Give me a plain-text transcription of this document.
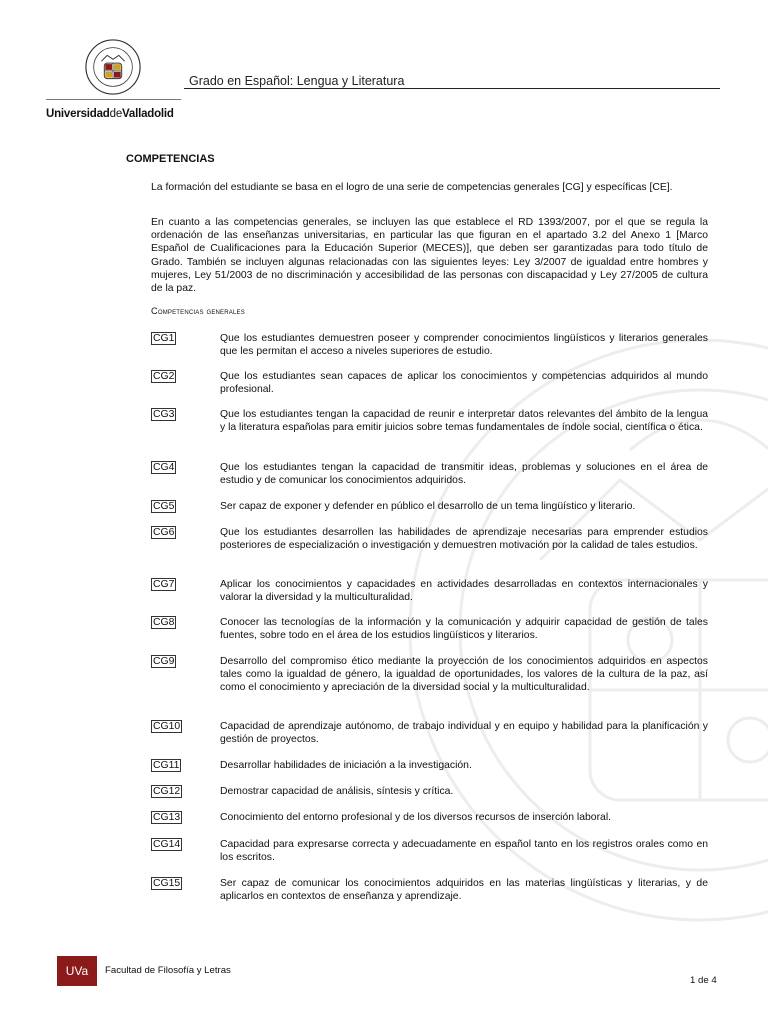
Grado en Español: Lengua y Literatura
UniversidaddeValladolid
COMPETENCIAS
La formación del estudiante se basa en el logro de una serie de competencias generales [CG] y específicas [CE].
En cuanto a las competencias generales, se incluyen las que establece el RD 1393/2007, por el que se regula la ordenación de las enseñanzas universitarias, en particular las que figuran en el apartado 3.2 del Anexo 1 [Marco Español de Cualificaciones para la Educación Superior (MECES)], que deben ser garantizadas para todo título de Grado. También se incluyen algunas relacionadas con las siguientes leyes: Ley 3/2007 de igualdad entre hombres y mujeres, Ley 51/2003 de no discriminación y accesibilidad de las personas con discapacidad y Ley 27/2005 de cultura de la paz.
Competencias generales
CG1	Que los estudiantes demuestren poseer y comprender conocimientos lingüísticos y literarios generales que les permitan el acceso a niveles superiores de estudio.
CG2	Que los estudiantes sean capaces de aplicar los conocimientos y competencias adquiridos al mundo profesional.
CG3	Que los estudiantes tengan la capacidad de reunir e interpretar datos relevantes del ámbito de la lengua y la literatura españolas para emitir juicios sobre temas fundamentales de índole social, científica o ética.
CG4	Que los estudiantes tengan la capacidad de transmitir ideas, problemas y soluciones en el área de estudio y de comunicar los conocimientos adquiridos.
CG5	Ser capaz de exponer y defender en público el desarrollo de un tema lingüístico y literario.
CG6	Que los estudiantes desarrollen las habilidades de aprendizaje necesarias para emprender estudios posteriores de especialización o investigación y demuestren motivación por la calidad de tales estudios.
CG7	Aplicar los conocimientos y capacidades en actividades desarrolladas en contextos internacionales y valorar la diversidad y la multiculturalidad.
CG8	Conocer las tecnologías de la información y la comunicación y adquirir capacidad de gestión de tales fuentes, sobre todo en el área de los estudios lingüísticos y literarios.
CG9	Desarrollo del compromiso ético mediante la proyección de los conocimientos adquiridos en aspectos tales como la igualdad de género, la igualdad de oportunidades, los valores de la cultura de la paz, así como el conocimiento y apreciación de la diversidad social y la multiculturalidad.
CG10	Capacidad de aprendizaje autónomo, de trabajo individual y en equipo y habilidad para la planificación y gestión de proyectos.
CG11	Desarrollar habilidades de iniciación a la investigación.
CG12	Demostrar capacidad de análisis, síntesis y crítica.
CG13	Conocimiento del entorno profesional y de los diversos recursos de inserción laboral.
CG14	Capacidad para expresarse correcta y adecuadamente en español tanto en los registros orales como en los escritos.
CG15	Ser capaz de comunicar los conocimientos adquiridos en las materias lingüísticas y literarias, y de aplicarlos en contextos de enseñanza y aprendizaje.
UVa	Facultad de Filosofía y Letras
1 de 4
